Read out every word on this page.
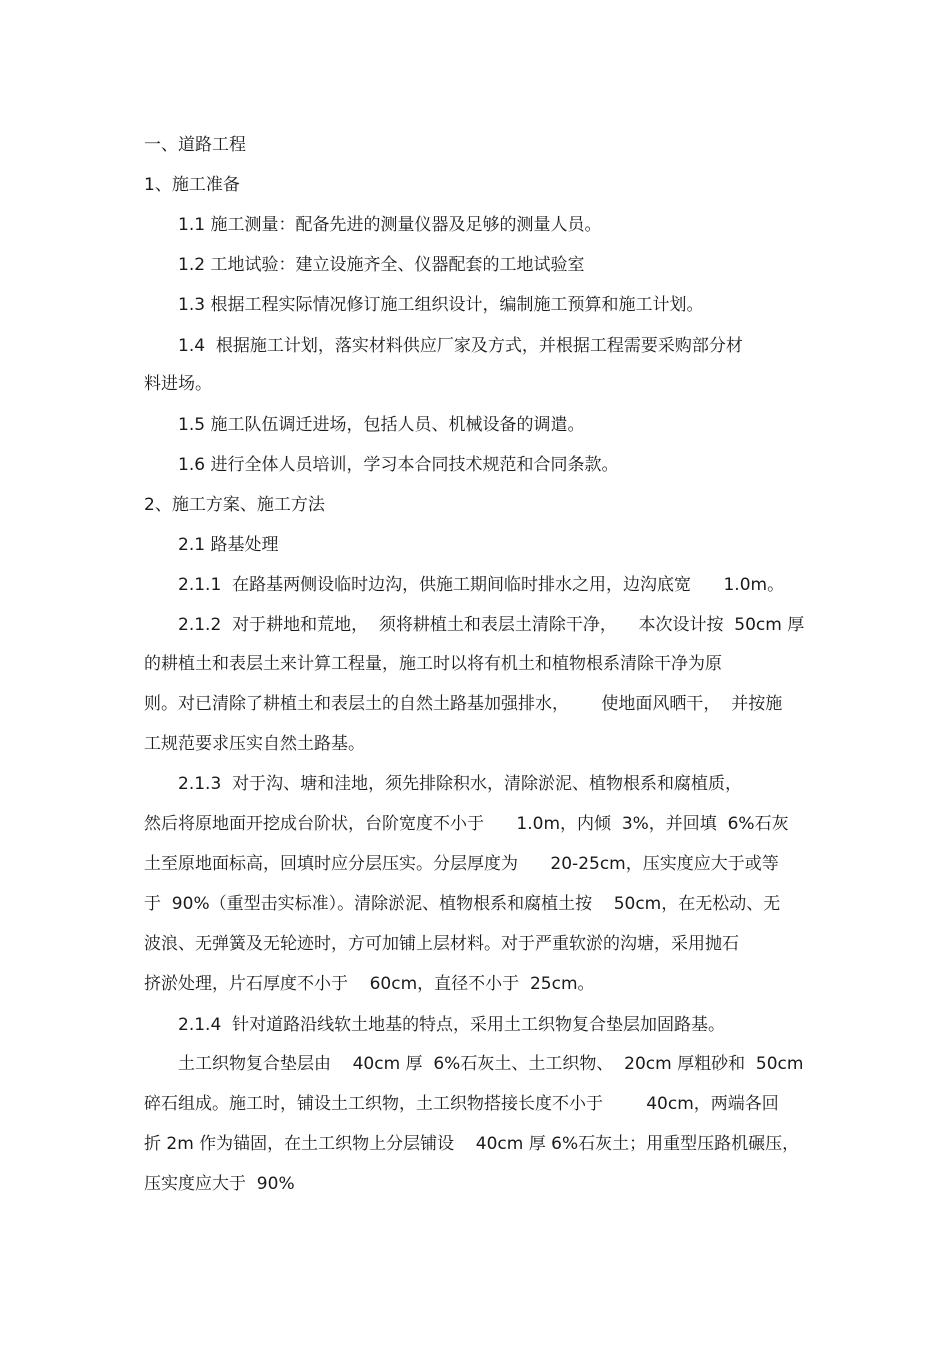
一、道路工程
1、施工准备
1.1 施工测量：配备先进的测量仪器及足够的测量人员。
1.2 工地试验：建立设施齐全、仪器配套的工地试验室
1.3 根据工程实际情况修订施工组织设计，编制施工预算和施工计划。
1.4  根据施工计划，落实材料供应厂家及方式，并根据工程需要采购部分材
料进场。
1.5 施工队伍调迁进场，包括人员、机械设备的调遣。
1.6 进行全体人员培训，学习本合同技术规范和合同条款。
2、施工方案、施工方法
2.1 路基处理
2.1.1  在路基两侧设临时边沟，供施工期间临时排水之用，边沟底宽      1.0m。
2.1.2  对于耕地和荒地，  须将耕植土和表层土清除干净，    本次设计按  50cm 厚
的耕植土和表层土来计算工程量，施工时以将有机土和植物根系清除干净为原
则。对已清除了耕植土和表层土的自然土路基加强排水，      使地面风晒干，  并按施
工规范要求压实自然土路基。
2.1.3  对于沟、塘和洼地，须先排除积水，清除淤泥、植物根系和腐植质，
然后将原地面开挖成台阶状，台阶宽度不小于      1.0m，内倾  3%，并回填  6%石灰
土至原地面标高，回填时应分层压实。分层厚度为      20-25cm，压实度应大于或等
于  90%（重型击实标准）。清除淤泥、植物根系和腐植土按    50cm，在无松动、无
波浪、无弹簧及无轮迹时，方可加铺上层材料。对于严重软淤的沟塘，采用抛石
挤淤处理，片石厚度不小于    60cm，直径不小于  25cm。
2.1.4  针对道路沿线软土地基的特点，采用土工织物复合垫层加固路基。
土工织物复合垫层由    40cm 厚  6%石灰土、土工织物、  20cm 厚粗砂和  50cm
碎石组成。施工时，铺设土工织物，土工织物搭接长度不小于        40cm，两端各回
折 2m 作为锚固，在土工织物上分层铺设    40cm 厚 6%石灰土；用重型压路机碾压，
压实度应大于  90%
